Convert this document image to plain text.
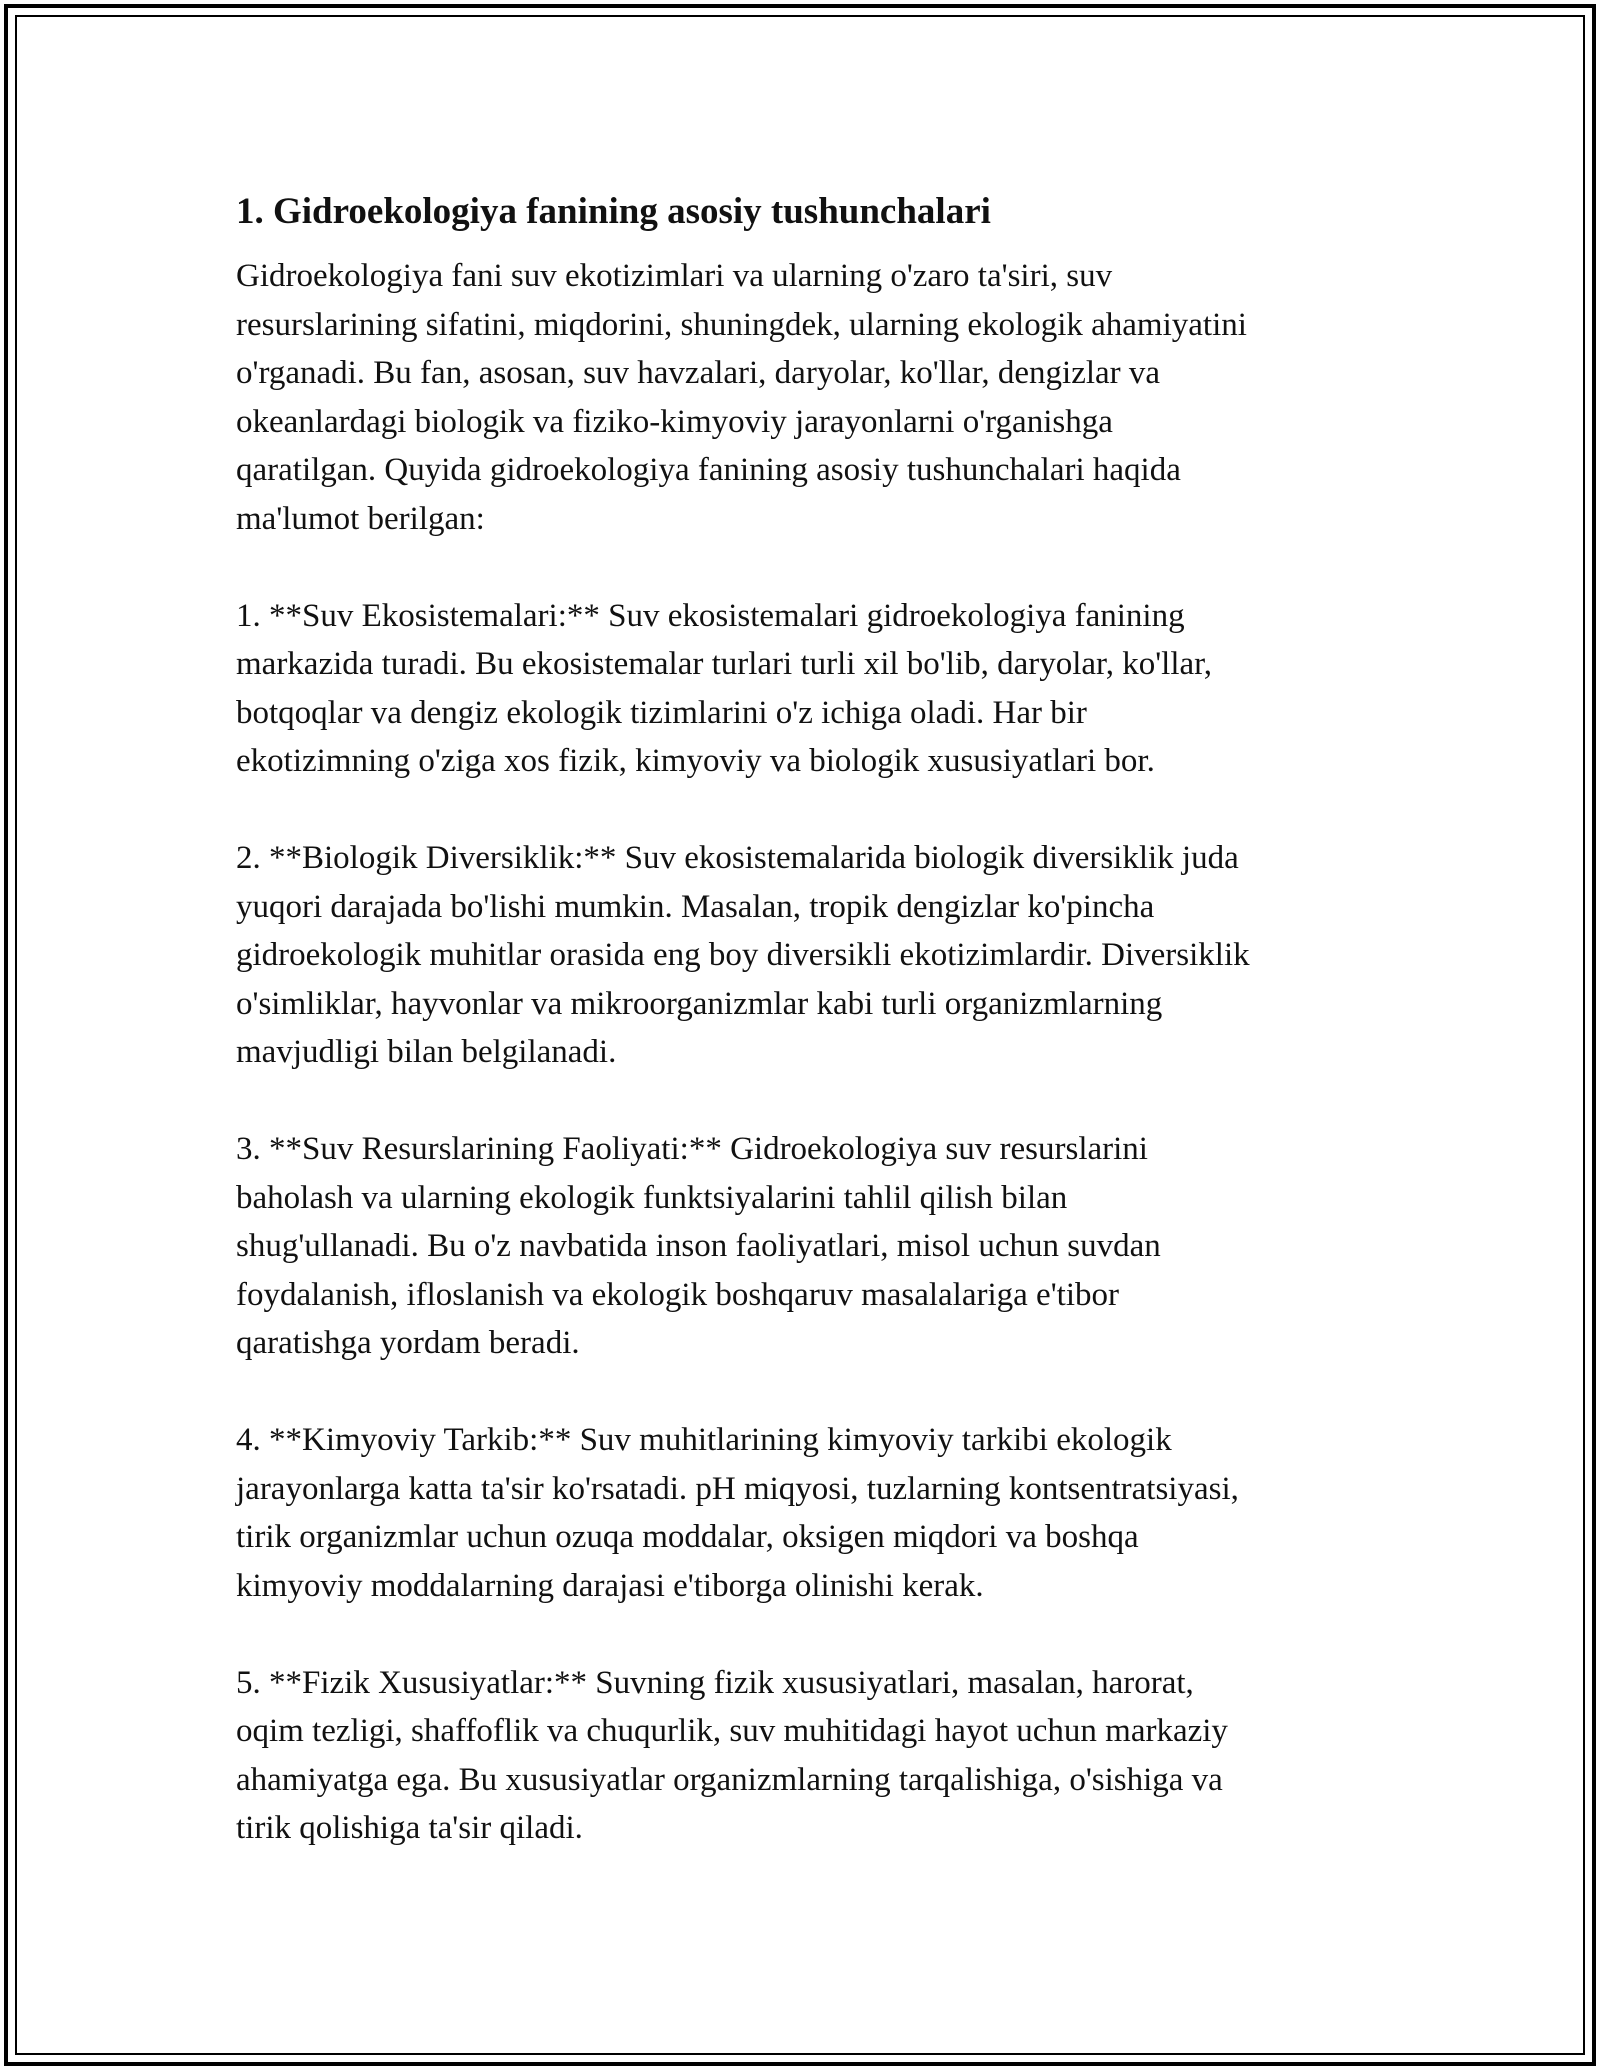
1. Gidroekologiya fanining asosiy tushunchalari

Gidroekologiya fani suv ekotizimlari va ularning o'zaro ta'siri, suv
resurslarining sifatini, miqdorini, shuningdek, ularning ekologik ahamiyatini
o'rganadi. Bu fan, asosan, suv havzalari, daryolar, ko'llar, dengizlar va
okeanlardagi biologik va fiziko-kimyoviy jarayonlarni o'rganishga
qaratilgan. Quyida gidroekologiya fanining asosiy tushunchalari haqida
ma'lumot berilgan:

1. **Suv Ekosistemalari:** Suv ekosistemalari gidroekologiya fanining
markazida turadi. Bu ekosistemalar turlari turli xil bo'lib, daryolar, ko'llar,
botqoqlar va dengiz ekologik tizimlarini o'z ichiga oladi. Har bir
ekotizimning o'ziga xos fizik, kimyoviy va biologik xususiyatlari bor.

2. **Biologik Diversiklik:** Suv ekosistemalarida biologik diversiklik juda
yuqori darajada bo'lishi mumkin. Masalan, tropik dengizlar ko'pincha
gidroekologik muhitlar orasida eng boy diversikli ekotizimlardir. Diversiklik
o'simliklar, hayvonlar va mikroorganizmlar kabi turli organizmlarning
mavjudligi bilan belgilanadi.

3. **Suv Resurslarining Faoliyati:** Gidroekologiya suv resurslarini
baholash va ularning ekologik funktsiyalarini tahlil qilish bilan
shug'ullanadi. Bu o'z navbatida inson faoliyatlari, misol uchun suvdan
foydalanish, ifloslanish va ekologik boshqaruv masalalariga e'tibor
qaratishga yordam beradi.

4. **Kimyoviy Tarkib:** Suv muhitlarining kimyoviy tarkibi ekologik
jarayonlarga katta ta'sir ko'rsatadi. pH miqyosi, tuzlarning kontsentratsiyasi,
tirik organizmlar uchun ozuqa moddalar, oksigen miqdori va boshqa
kimyoviy moddalarning darajasi e'tiborga olinishi kerak.

5. **Fizik Xususiyatlar:** Suvning fizik xususiyatlari, masalan, harorat,
oqim tezligi, shaffoflik va chuqurlik, suv muhitidagi hayot uchun markaziy
ahamiyatga ega. Bu xususiyatlar organizmlarning tarqalishiga, o'sishiga va
tirik qolishiga ta'sir qiladi.
